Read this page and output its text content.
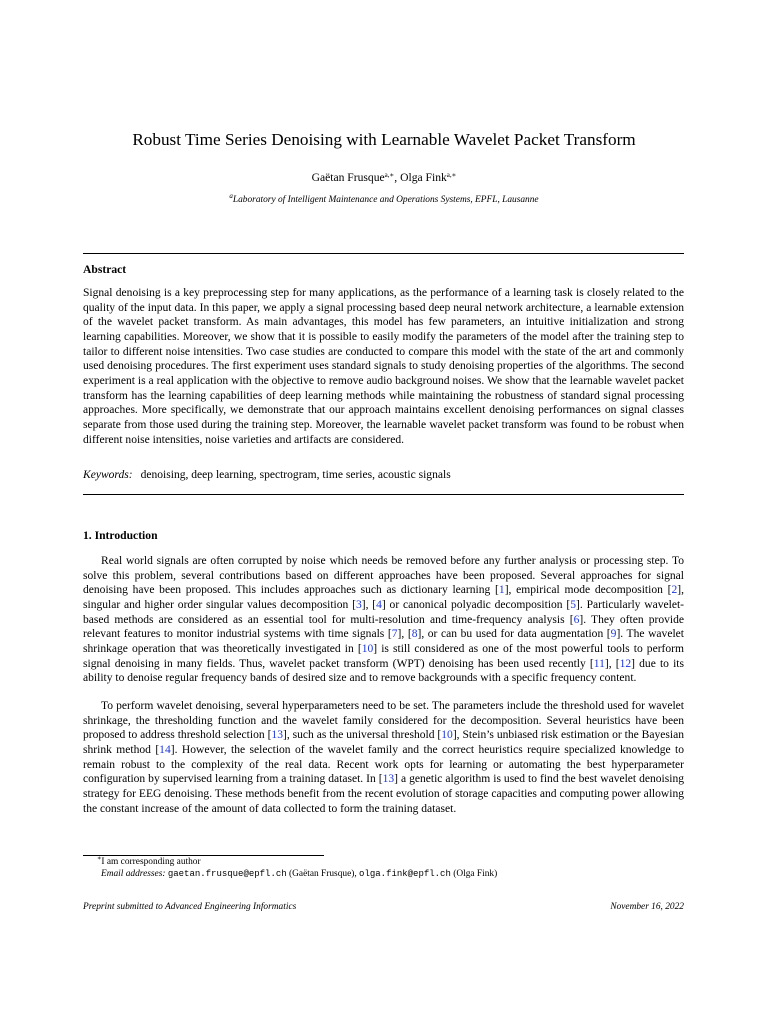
Robust Time Series Denoising with Learnable Wavelet Packet Transform
Gaëtan Frusque$^{a,∗}$, Olga Fink$^{a,∗}$
$^a$Laboratory of Intelligent Maintenance and Operations Systems, EPFL, Lausanne
Abstract
Signal denoising is a key preprocessing step for many applications, as the performance of a learning task is closely related to the quality of the input data. In this paper, we apply a signal processing based deep neural network architecture, a learnable extension of the wavelet packet transform. As main advantages, this model has few parameters, an intuitive initialization and strong learning capabilities. Moreover, we show that it is possible to easily modify the parameters of the model after the training step to tailor to different noise intensities. Two case studies are conducted to compare this model with the state of the art and commonly used denoising procedures. The first experiment uses standard signals to study denoising properties of the algorithms. The second experiment is a real application with the objective to remove audio background noises. We show that the learnable wavelet packet transform has the learning capabilities of deep learning methods while maintaining the robustness of standard signal processing approaches. More specifically, we demonstrate that our approach maintains excellent denoising performances on signal classes separate from those used during the training step. Moreover, the learnable wavelet packet transform was found to be robust when different noise intensities, noise varieties and artifacts are considered.
Keywords: denoising, deep learning, spectrogram, time series, acoustic signals
1. Introduction
Real world signals are often corrupted by noise which needs be removed before any further analysis or processing step. To solve this problem, several contributions based on different approaches have been proposed. Several approaches for signal denoising have been proposed. This includes approaches such as dictionary learning [1], empirical mode decomposition [2], singular and higher order singular values decomposition [3], [4] or canonical polyadic decomposition [5]. Particularly wavelet-based methods are considered as an essential tool for multi-resolution and time-frequency analysis [6]. They often provide relevant features to monitor industrial systems with time signals [7], [8], or can bu used for data augmentation [9]. The wavelet shrinkage operation that was theoretically investigated in [10] is still considered as one of the most powerful tools to perform signal denoising in many fields. Thus, wavelet packet transform (WPT) denoising has been used recently [11], [12] due to its ability to denoise regular frequency bands of desired size and to remove backgrounds with a specific frequency content.
To perform wavelet denoising, several hyperparameters need to be set. The parameters include the threshold used for wavelet shrinkage, the thresholding function and the wavelet family considered for the decomposition. Several heuristics have been proposed to address threshold selection [13], such as the universal threshold [10], Stein’s unbiased risk estimation or the Bayesian shrink method [14]. However, the selection of the wavelet family and the correct heuristics require specialized knowledge to remain robust to the complexity of the real data. Recent work opts for learning or automating the best hyperparameter configuration by supervised learning from a training dataset. In [13] a genetic algorithm is used to find the best wavelet denoising strategy for EEG denoising. These methods benefit from the recent evolution of storage capacities and computing power allowing the constant increase of the amount of data collected to form the training dataset.
∗I am corresponding author
Email addresses: gaetan.frusque@epfl.ch (Gaëtan Frusque), olga.fink@epfl.ch (Olga Fink)
Preprint submitted to Advanced Engineering Informatics	November 16, 2022
